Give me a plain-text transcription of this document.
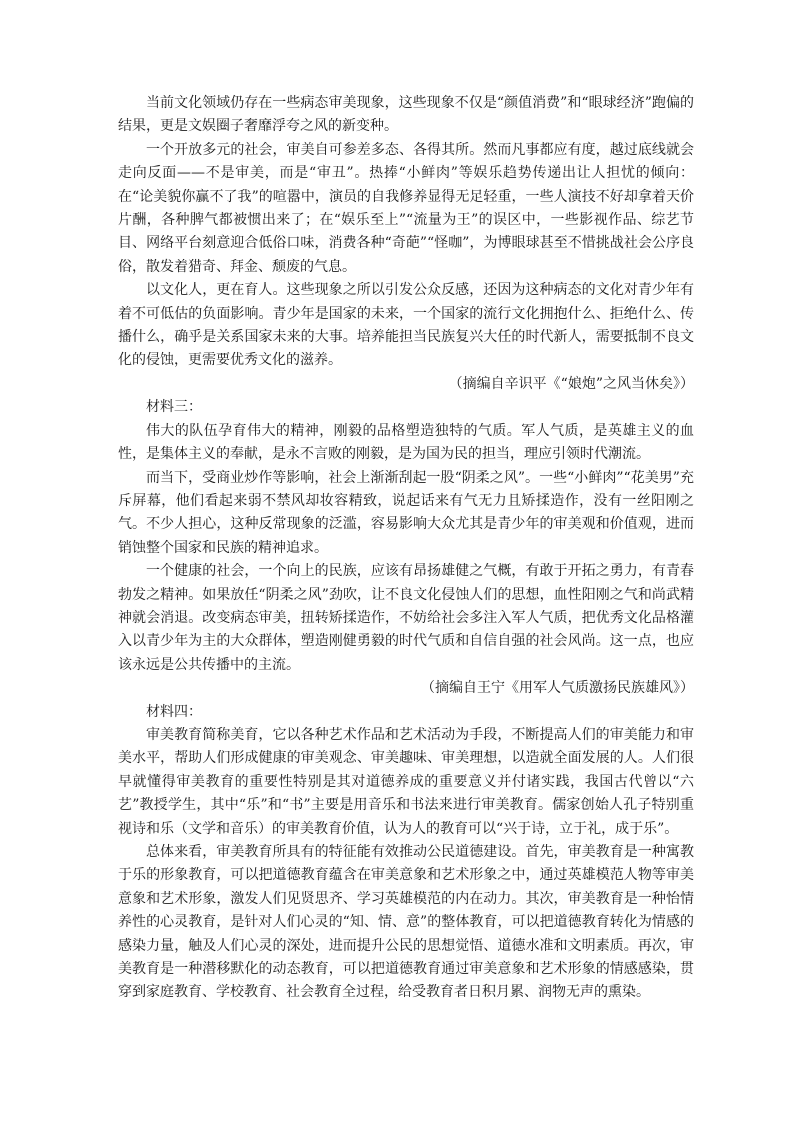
当前文化领域仍存在一些病态审美现象，这些现象不仅是“颜值消费”和“眼球经济”跑偏的结果，更是文娱圈子奢靡浮夸之风的新变种。

一个开放多元的社会，审美自可参差多态、各得其所。然而凡事都应有度，越过底线就会走向反面——不是审美，而是“审丑”。热捧“小鲜肉”等娱乐趋势传递出让人担忧的倾向：在“论美貌你赢不了我”的喧嚣中，演员的自我修养显得无足轻重，一些人演技不好却拿着天价片酬，各种脾气都被惯出来了；在“娱乐至上”“流量为王”的误区中，一些影视作品、综艺节目、网络平台刻意迎合低俗口味，消费各种“奇葩”“怪咖”，为博眼球甚至不惜挑战社会公序良俗，散发着猎奇、拜金、颓废的气息。

以文化人，更在育人。这些现象之所以引发公众反感，还因为这种病态的文化对青少年有着不可低估的负面影响。青少年是国家的未来，一个国家的流行文化拥抱什么、拒绝什么、传播什么，确乎是关系国家未来的大事。培养能担当民族复兴大任的时代新人，需要抵制不良文化的侵蚀，更需要优秀文化的滋养。

（摘编自辛识平《“娘炮”之风当休矣》）

材料三：

伟大的队伍孕育伟大的精神，刚毅的品格塑造独特的气质。军人气质，是英雄主义的血性，是集体主义的奉献，是永不言败的刚毅，是为国为民的担当，理应引领时代潮流。

而当下，受商业炒作等影响，社会上渐渐刮起一股“阴柔之风”。一些“小鲜肉”“花美男”充斥屏幕，他们看起来弱不禁风却妆容精致，说起话来有气无力且矫揉造作，没有一丝阳刚之气。不少人担心，这种反常现象的泛滥，容易影响大众尤其是青少年的审美观和价值观，进而销蚀整个国家和民族的精神追求。

一个健康的社会，一个向上的民族，应该有昂扬雄健之气概，有敢于开拓之勇力，有青春勃发之精神。如果放任“阴柔之风”劲吹，让不良文化侵蚀人们的思想，血性阳刚之气和尚武精神就会消退。改变病态审美，扭转矫揉造作，不妨给社会多注入军人气质，把优秀文化品格灌入以青少年为主的大众群体，塑造刚健勇毅的时代气质和自信自强的社会风尚。这一点，也应该永远是公共传播中的主流。

（摘编自王宁《用军人气质激扬民族雄风》）

材料四：

审美教育简称美育，它以各种艺术作品和艺术活动为手段，不断提高人们的审美能力和审美水平，帮助人们形成健康的审美观念、审美趣味、审美理想，以造就全面发展的人。人们很早就懂得审美教育的重要性特别是其对道德养成的重要意义并付诸实践，我国古代曾以“六艺”教授学生，其中“乐”和“书”主要是用音乐和书法来进行审美教育。儒家创始人孔子特别重视诗和乐（文学和音乐）的审美教育价值，认为人的教育可以“兴于诗，立于礼，成于乐”。

总体来看，审美教育所具有的特征能有效推动公民道德建设。首先，审美教育是一种寓教于乐的形象教育，可以把道德教育蕴含在审美意象和艺术形象之中，通过英雄模范人物等审美意象和艺术形象，激发人们见贤思齐、学习英雄模范的内在动力。其次，审美教育是一种怡情养性的心灵教育，是针对人们心灵的“知、情、意”的整体教育，可以把道德教育转化为情感的感染力量，触及人们心灵的深处，进而提升公民的思想觉悟、道德水准和文明素质。再次，审美教育是一种潜移默化的动态教育，可以把道德教育通过审美意象和艺术形象的情感感染，贯穿到家庭教育、学校教育、社会教育全过程，给受教育者日积月累、润物无声的熏染。
